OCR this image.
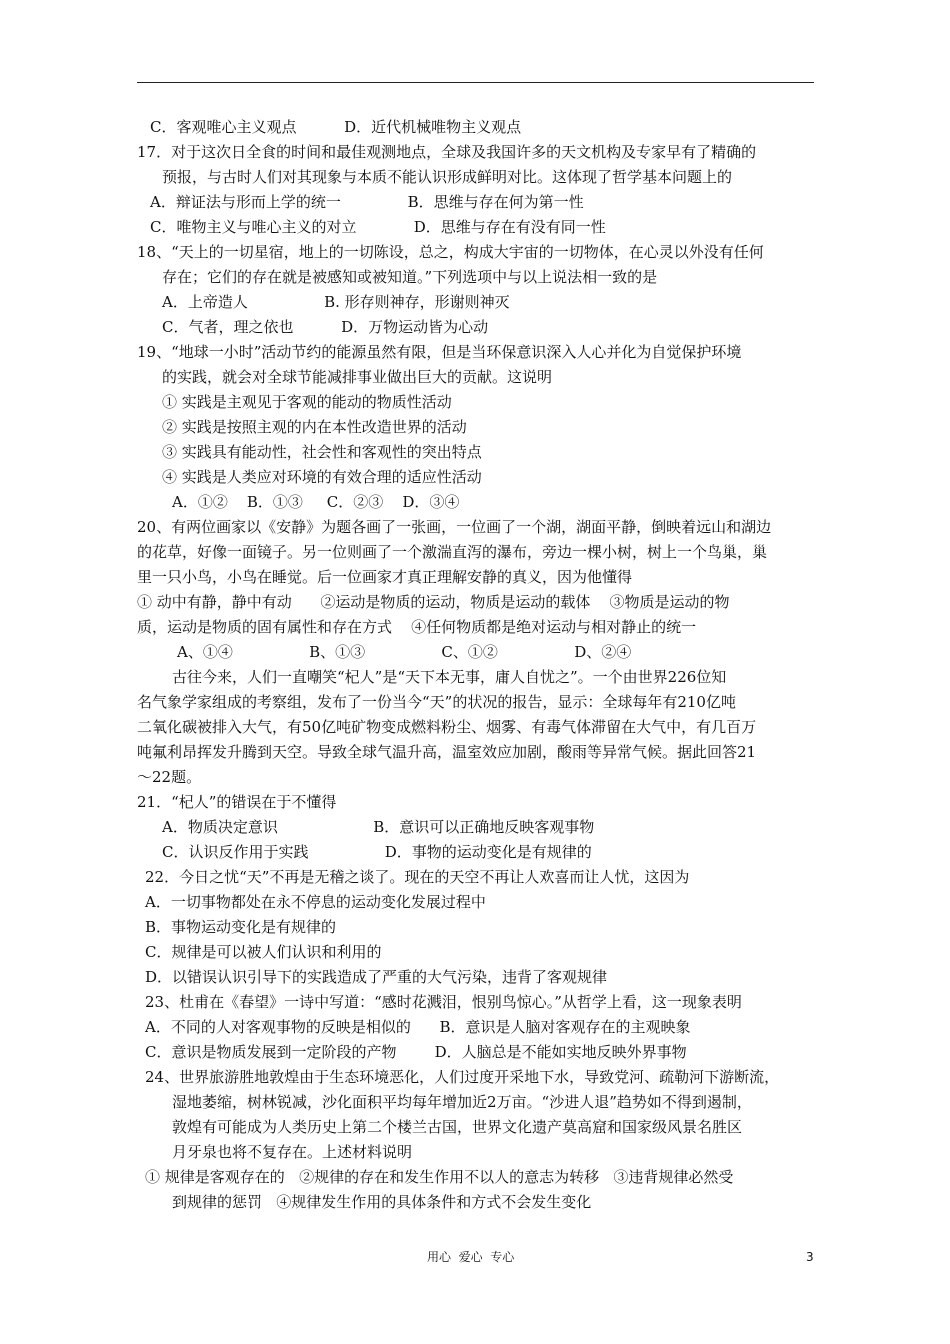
C．客观唯心主义观点          D．近代机械唯物主义观点
17．对于这次日全食的时间和最佳观测地点，全球及我国许多的天文机构及专家早有了精确的
预报，与古时人们对其现象与本质不能认识形成鲜明对比。这体现了哲学基本问题上的
A．辩证法与形而上学的统一              B．思维与存在何为第一性
C．唯物主义与唯心主义的对立            D．思维与存在有没有同一性
18、“天上的一切星宿，地上的一切陈设，总之，构成大宇宙的一切物体，在心灵以外没有任何
存在；它们的存在就是被感知或被知道。”下列选项中与以上说法相一致的是
A．上帝造人                B. 形存则神存，形谢则神灭
C．气者，理之依也          D．万物运动皆为心动
19、“地球一小时”活动节约的能源虽然有限，但是当环保意识深入人心并化为自觉保护环境
的实践，就会对全球节能减排事业做出巨大的贡献。这说明
① 实践是主观见于客观的能动的物质性活动
② 实践是按照主观的内在本性改造世界的活动
③ 实践具有能动性，社会性和客观性的突出特点
④ 实践是人类应对环境的有效合理的适应性活动
A．①②    B．①③     C．②③    D．③④
20、有两位画家以《安静》为题各画了一张画，一位画了一个湖，湖面平静，倒映着远山和湖边
的花草，好像一面镜子。另一位则画了一个激湍直泻的瀑布，旁边一棵小树，树上一个鸟巢，巢
里一只小鸟，小鸟在睡觉。后一位画家才真正理解安静的真义，因为他懂得
① 动中有静，静中有动      ②运动是物质的运动，物质是运动的载体    ③物质是运动的物
质，运动是物质的固有属性和存在方式    ④任何物质都是绝对运动与相对静止的统一
A、①④                B、①③                C、①②                D、②④
古往今来，人们一直嘲笑“杞人”是“天下本无事，庸人自忧之”。一个由世界226位知
名气象学家组成的考察组，发布了一份当今“天”的状况的报告，显示：全球每年有210亿吨
二氧化碳被排入大气，有50亿吨矿物变成燃料粉尘、烟雾、有毒气体滞留在大气中，有几百万
吨氟利昂挥发升腾到天空。导致全球气温升高，温室效应加剧，酸雨等异常气候。据此回答21
～22题。
21．“杞人”的错误在于不懂得
A．物质决定意识                    B．意识可以正确地反映客观事物
C．认识反作用于实践                D．事物的运动变化是有规律的
22．今日之忧“天”不再是无稽之谈了。现在的天空不再让人欢喜而让人忧，这因为
A．一切事物都处在永不停息的运动变化发展过程中
B．事物运动变化是有规律的
C．规律是可以被人们认识和利用的
D．以错误认识引导下的实践造成了严重的大气污染，违背了客观规律
23、杜甫在《春望》一诗中写道：“感时花溅泪，恨别鸟惊心。”从哲学上看，这一现象表明
A．不同的人对客观事物的反映是相似的      B．意识是人脑对客观存在的主观映象
C．意识是物质发展到一定阶段的产物        D．人脑总是不能如实地反映外界事物
24、世界旅游胜地敦煌由于生态环境恶化，人们过度开采地下水，导致党河、疏勒河下游断流，
湿地萎缩，树林锐减，沙化面积平均每年增加近2万亩。“沙进人退”趋势如不得到遏制，
敦煌有可能成为人类历史上第二个楼兰古国，世界文化遗产莫高窟和国家级风景名胜区
月牙泉也将不复存在。上述材料说明
① 规律是客观存在的   ②规律的存在和发生作用不以人的意志为转移   ③违背规律必然受
到规律的惩罚   ④规律发生作用的具体条件和方式不会发生变化
用心  爱心  专心	3
